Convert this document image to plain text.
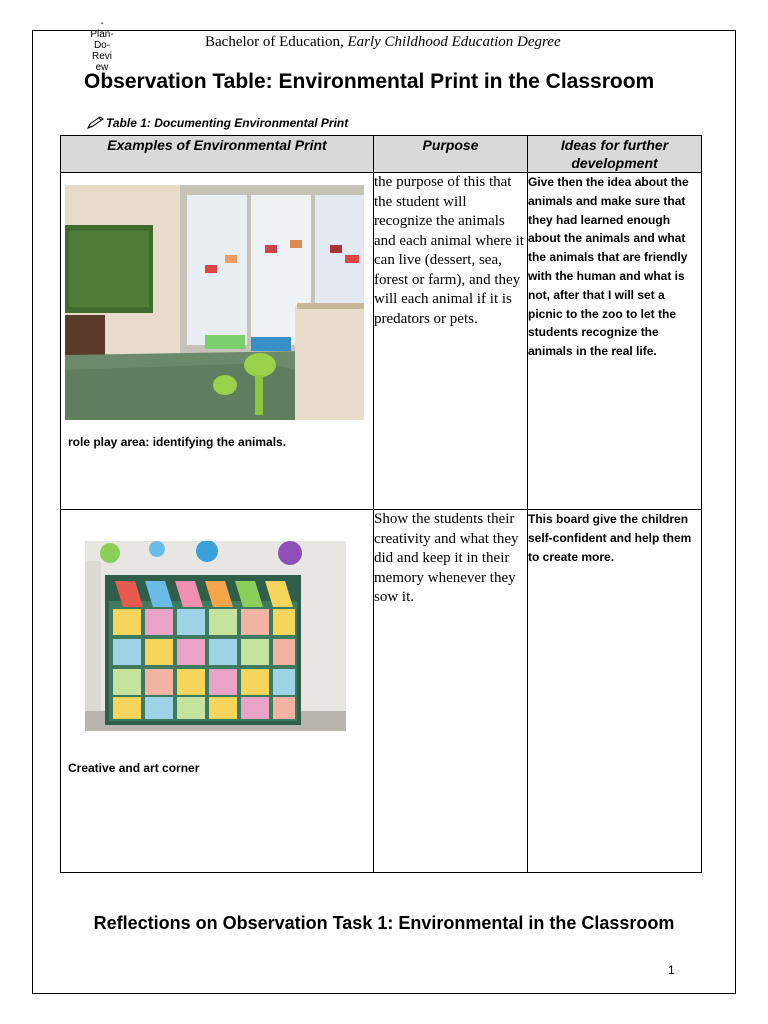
-
Plan-
Do-
Revi
ew
Bachelor of Education, Early Childhood Education Degree
Observation Table: Environmental Print in the Classroom
Table 1: Documenting Environmental Print
Examples of Environmental Print	Purpose	Ideas for further development

role play area: identifying the animals.	the purpose of this that the student will recognize the animals and each animal where it can live (dessert, sea, forest or farm), and they will each animal if it is predators or pets.	Give then the idea about the animals and make sure that they had learned enough about the animals and what the animals that are friendly with the human and what is not, after that I will set a picnic to the zoo to let the students recognize the animals in the real life.

Creative and art corner	Show the students their creativity and what they did and keep it in their memory whenever they sow it.	This board give the children self-confident and help them to create more.
Reflections on Observation Task 1: Environmental in the Classroom
1
